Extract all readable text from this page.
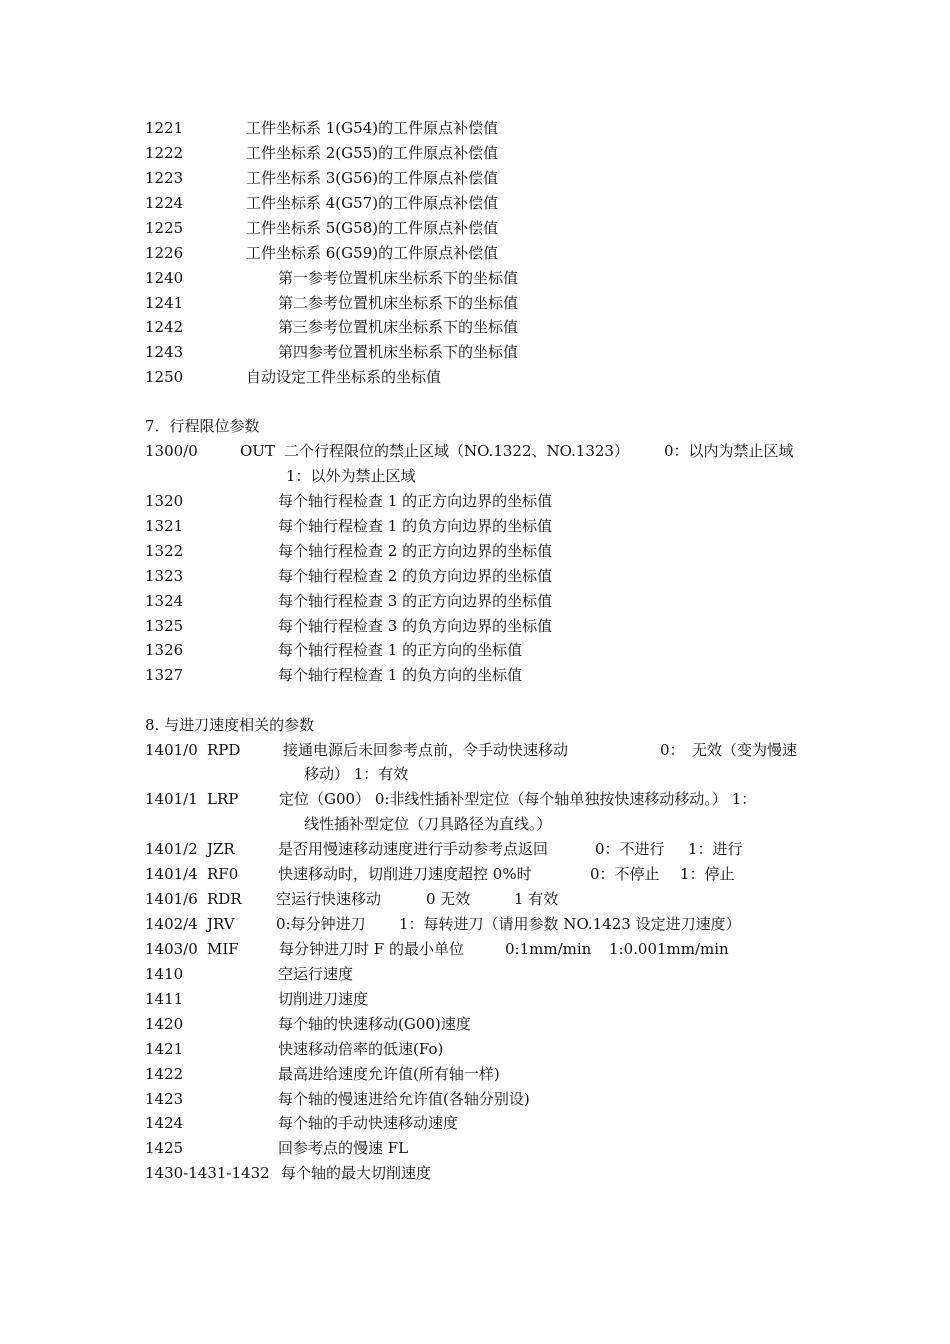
1221	工件坐标系 1(G54)的工件原点补偿值
1222	工件坐标系 2(G55)的工件原点补偿值
1223	工件坐标系 3(G56)的工件原点补偿值
1224	工件坐标系 4(G57)的工件原点补偿值
1225	工件坐标系 5(G58)的工件原点补偿值
1226	工件坐标系 6(G59)的工件原点补偿值
1240	第一参考位置机床坐标系下的坐标值
1241	第二参考位置机床坐标系下的坐标值
1242	第三参考位置机床坐标系下的坐标值
1243	第四参考位置机床坐标系下的坐标值
1250	自动设定工件坐标系的坐标值
7．行程限位参数
1300/0	OUT 二个行程限位的禁止区域（NO.1322、NO.1323） 0：以内为禁止区域
1：以外为禁止区域
1320	每个轴行程检查 1 的正方向边界的坐标值
1321	每个轴行程检查 1 的负方向边界的坐标值
1322	每个轴行程检查 2 的正方向边界的坐标值
1323	每个轴行程检查 2 的负方向边界的坐标值
1324	每个轴行程检查 3 的正方向边界的坐标值
1325	每个轴行程检查 3 的负方向边界的坐标值
1326	每个轴行程检查 1 的正方向的坐标值
1327	每个轴行程检查 1 的负方向的坐标值
8. 与进刀速度相关的参数
1401/0 RPD	接通电源后未回参考点前，令手动快速移动	0：　无效（变为慢速
移动） 1：有效
1401/1 LRP	定位（G00） 0:非线性插补型定位（每个轴单独按快速移动移动。） 1：
线性插补型定位（刀具路径为直线。）
1401/2 JZR	是否用慢速移动速度进行手动参考点返回	0：不进行 1：进行
1401/4 RF0	快速移动时，切削进刀速度超控 0%时	0：不停止 1：停止
1401/6 RDR 空运行快速移动	0 无效	1 有效
1402/4 JRV	0:每分钟进刀 1：每转进刀（请用参数 NO.1423 设定进刀速度）
1403/0 MIF	每分钟进刀时 F 的最小单位	0:1mm/min 1:0.001mm/min
1410	空运行速度
1411	切削进刀速度
1420	每个轴的快速移动(G00)速度
1421	快速移动倍率的低速(Fo)
1422	最高进给速度允许值(所有轴一样)
1423	每个轴的慢速进给允许值(各轴分别设)
1424	每个轴的手动快速移动速度
1425	回参考点的慢速 FL
1430-1431-1432 每个轴的最大切削速度
